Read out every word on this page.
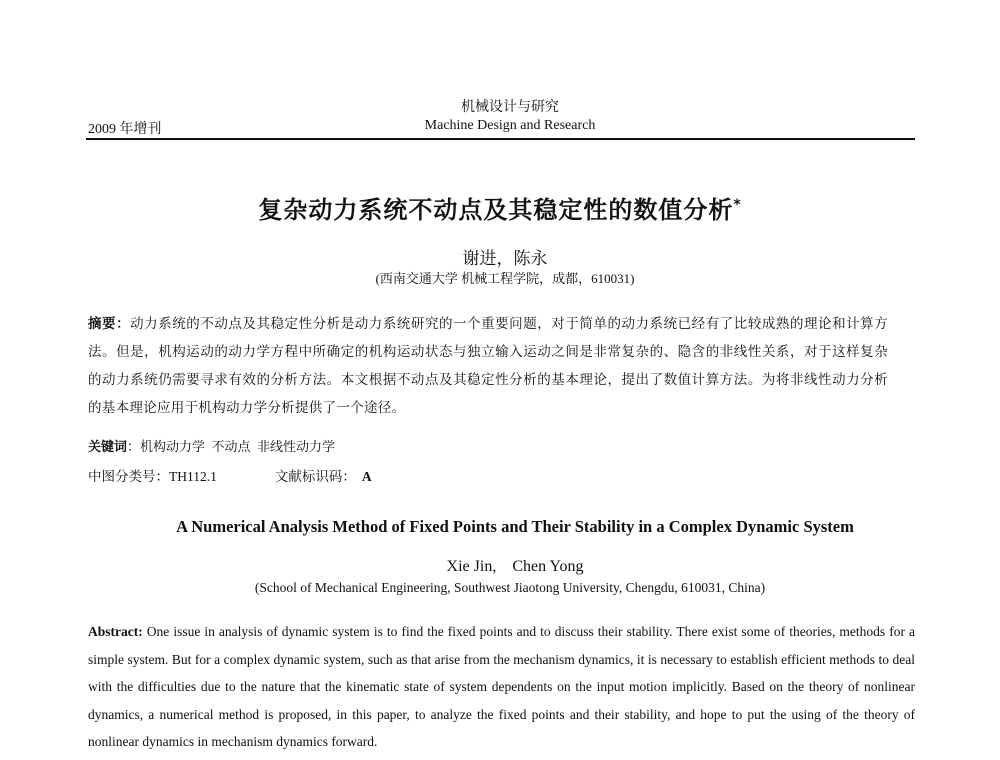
机械设计与研究
2009 年增刊	Machine Design and Research
复杂动力系统不动点及其稳定性的数值分析*
谢进，陈永
(西南交通大学 机械工程学院，成都，610031)
摘要：动力系统的不动点及其稳定性分析是动力系统研究的一个重要问题，对于简单的动力系统已经有了比较成熟的理论和计算方法。但是，机构运动的动力学方程中所确定的机构运动状态与独立输入运动之间是非常复杂的、隐含的非线性关系，对于这样复杂的动力系统仍需要寻求有效的分析方法。本文根据不动点及其稳定性分析的基本理论，提出了数值计算方法。为将非线性动力分析的基本理论应用于机构动力学分析提供了一个途径。
关键词：机构动力学  不动点  非线性动力学
中图分类号：TH112.1	文献标识码： A
A Numerical Analysis Method of Fixed Points and Their Stability in a Complex Dynamic System
Xie Jin,    Chen Yong
(School of Mechanical Engineering, Southwest Jiaotong University, Chengdu, 610031, China)
Abstract: One issue in analysis of dynamic system is to find the fixed points and to discuss their stability. There exist some of theories, methods for a simple system. But for a complex dynamic system, such as that arise from the mechanism dynamics, it is necessary to establish efficient methods to deal with the difficulties due to the nature that the kinematic state of system dependents on the input motion implicitly. Based on the theory of nonlinear dynamics, a numerical method is proposed, in this paper, to analyze the fixed points and their stability, and hope to put the using of the theory of nonlinear dynamics in mechanism dynamics forward.
